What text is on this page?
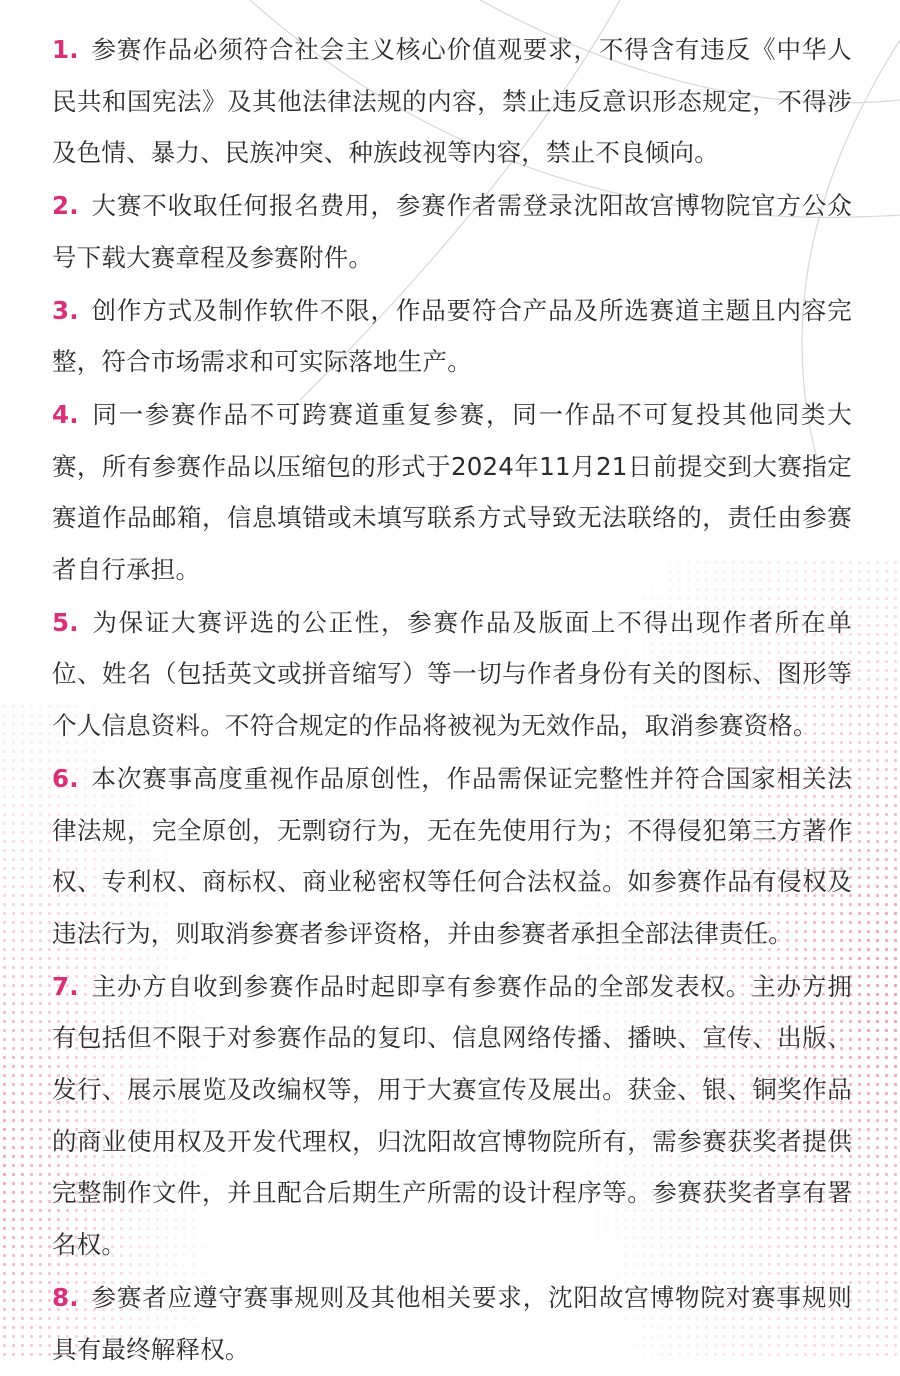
1. 参赛作品必须符合社会主义核心价值观要求，不得含有违反《中华人民共和国宪法》及其他法律法规的内容，禁止违反意识形态规定，不得涉及色情、暴力、民族冲突、种族歧视等内容，禁止不良倾向。

2. 大赛不收取任何报名费用，参赛作者需登录沈阳故宫博物院官方公众号下载大赛章程及参赛附件。

3. 创作方式及制作软件不限，作品要符合产品及所选赛道主题且内容完整，符合市场需求和可实际落地生产。

4. 同一参赛作品不可跨赛道重复参赛，同一作品不可复投其他同类大赛，所有参赛作品以压缩包的形式于2024年11月21日前提交到大赛指定赛道作品邮箱，信息填错或未填写联系方式导致无法联络的，责任由参赛者自行承担。

5. 为保证大赛评选的公正性，参赛作品及版面上不得出现作者所在单位、姓名（包括英文或拼音缩写）等一切与作者身份有关的图标、图形等个人信息资料。不符合规定的作品将被视为无效作品，取消参赛资格。

6. 本次赛事高度重视作品原创性，作品需保证完整性并符合国家相关法律法规，完全原创，无剽窃行为，无在先使用行为；不得侵犯第三方著作权、专利权、商标权、商业秘密权等任何合法权益。如参赛作品有侵权及违法行为，则取消参赛者参评资格，并由参赛者承担全部法律责任。

7. 主办方自收到参赛作品时起即享有参赛作品的全部发表权。主办方拥有包括但不限于对参赛作品的复印、信息网络传播、播映、宣传、出版、发行、展示展览及改编权等，用于大赛宣传及展出。获金、银、铜奖作品的商业使用权及开发代理权，归沈阳故宫博物院所有，需参赛获奖者提供完整制作文件，并且配合后期生产所需的设计程序等。参赛获奖者享有署名权。

8. 参赛者应遵守赛事规则及其他相关要求，沈阳故宫博物院对赛事规则具有最终解释权。
